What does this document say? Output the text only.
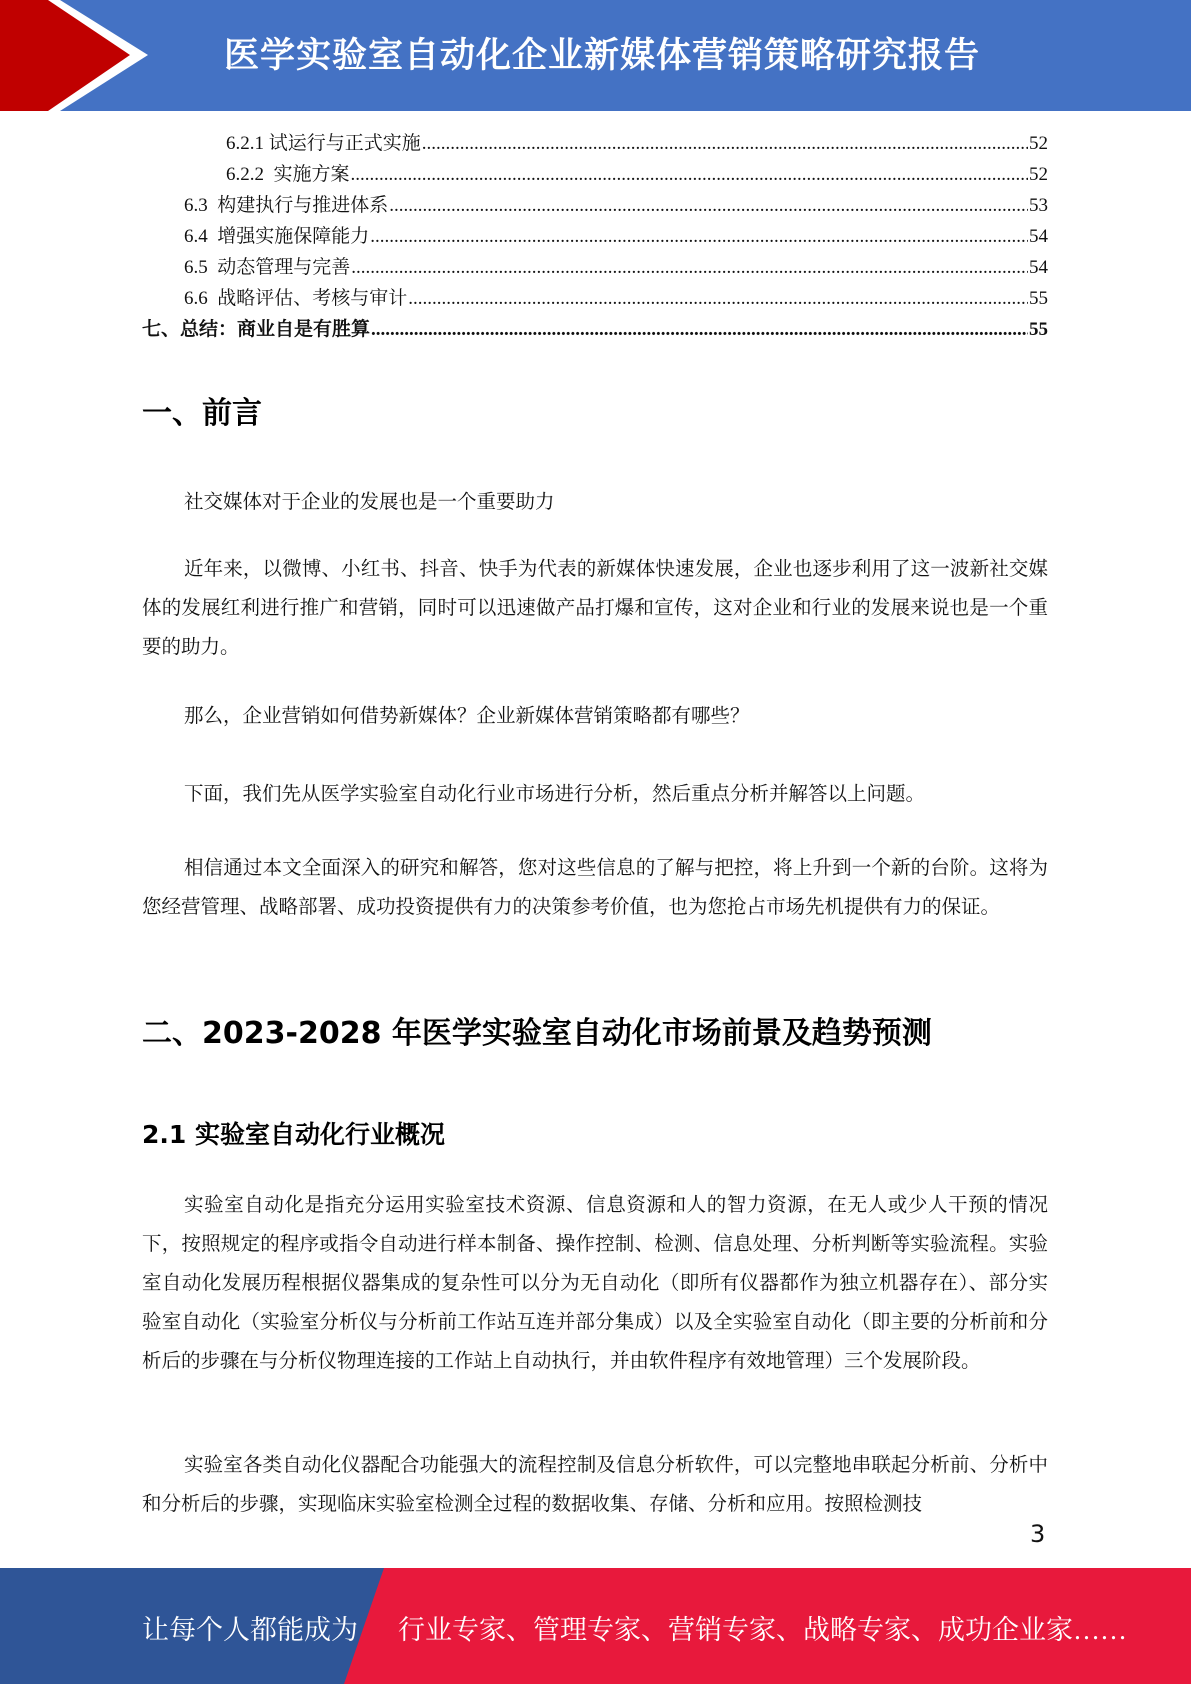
医学实验室自动化企业新媒体营销策略研究报告
6.2.1 试运行与正式实施 .....	52
6.2.2  实施方案 .....	52
6.3  构建执行与推进体系 .....	53
6.4  增强实施保障能力 .....	54
6.5  动态管理与完善 .....	54
6.6  战略评估、考核与审计 .....	55
七、总结：商业自是有胜算 .....	55
一、前言
社交媒体对于企业的发展也是一个重要助力
近年来，以微博、小红书、抖音、快手为代表的新媒体快速发展，企业也逐步利用了这一波新社交媒体的发展红利进行推广和营销，同时可以迅速做产品打爆和宣传，这对企业和行业的发展来说也是一个重要的助力。
那么，企业营销如何借势新媒体？企业新媒体营销策略都有哪些？
下面，我们先从医学实验室自动化行业市场进行分析，然后重点分析并解答以上问题。
相信通过本文全面深入的研究和解答，您对这些信息的了解与把控，将上升到一个新的台阶。这将为您经营管理、战略部署、成功投资提供有力的决策参考价值，也为您抢占市场先机提供有力的保证。
二、2023-2028 年医学实验室自动化市场前景及趋势预测
2.1 实验室自动化行业概况
实验室自动化是指充分运用实验室技术资源、信息资源和人的智力资源，在无人或少人干预的情况下，按照规定的程序或指令自动进行样本制备、操作控制、检测、信息处理、分析判断等实验流程。实验室自动化发展历程根据仪器集成的复杂性可以分为无自动化（即所有仪器都作为独立机器存在）、部分实验室自动化（实验室分析仪与分析前工作站互连并部分集成）以及全实验室自动化（即主要的分析前和分析后的步骤在与分析仪物理连接的工作站上自动执行，并由软件程序有效地管理）三个发展阶段。
实验室各类自动化仪器配合功能强大的流程控制及信息分析软件，可以完整地串联起分析前、分析中和分析后的步骤，实现临床实验室检测全过程的数据收集、存储、分析和应用。按照检测技
3
让每个人都能成为 行业专家、管理专家、营销专家、战略专家、成功企业家……
